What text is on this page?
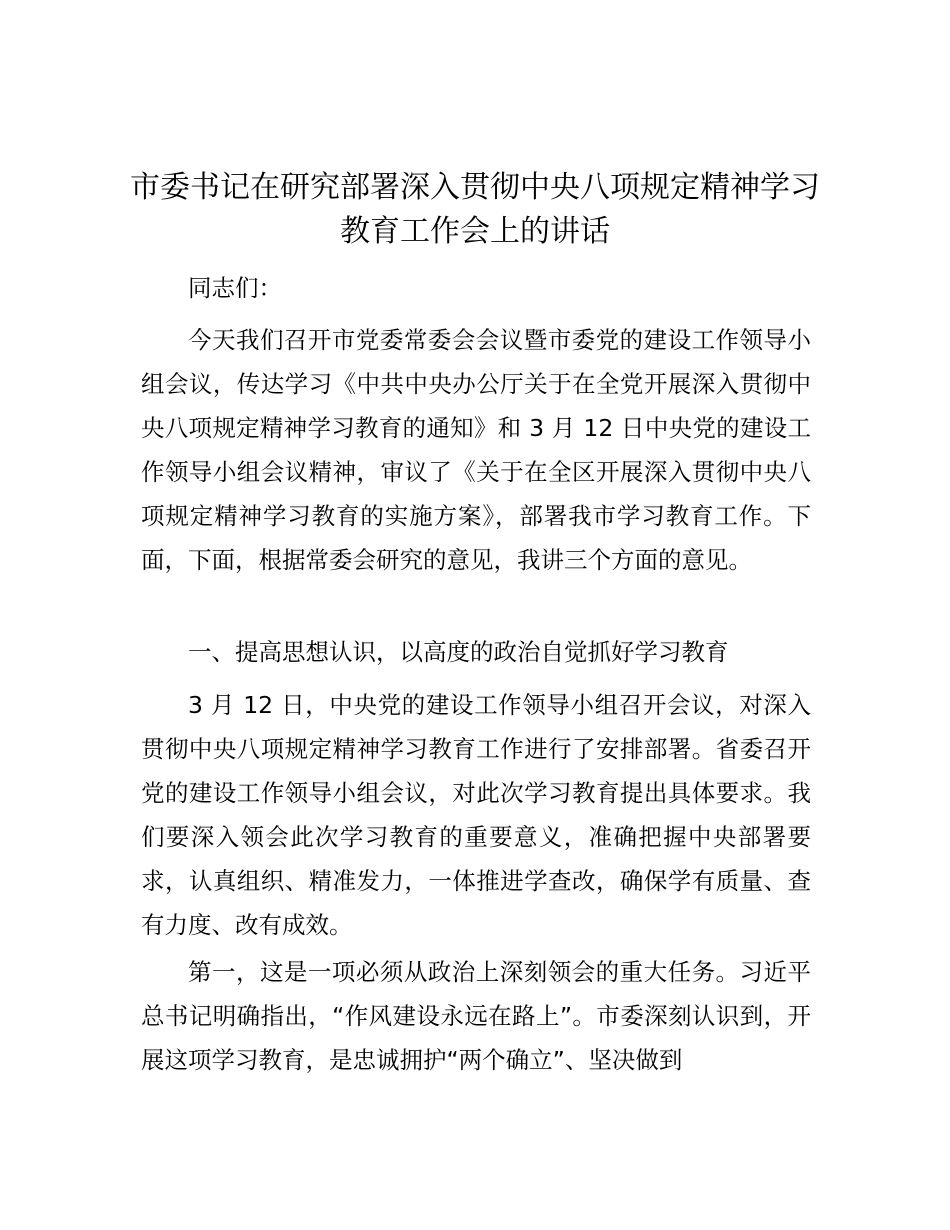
市委书记在研究部署深入贯彻中央八项规定精神学习教育工作会上的讲话

同志们：

今天我们召开市党委常委会会议暨市委党的建设工作领导小组会议，传达学习《中共中央办公厅关于在全党开展深入贯彻中央八项规定精神学习教育的通知》和 3 月 12 日中央党的建设工作领导小组会议精神，审议了《关于在全区开展深入贯彻中央八项规定精神学习教育的实施方案》，部署我市学习教育工作。下面，下面，根据常委会研究的意见，我讲三个方面的意见。

一、提高思想认识，以高度的政治自觉抓好学习教育

3 月 12 日，中央党的建设工作领导小组召开会议，对深入贯彻中央八项规定精神学习教育工作进行了安排部署。省委召开党的建设工作领导小组会议，对此次学习教育提出具体要求。我们要深入领会此次学习教育的重要意义，准确把握中央部署要求，认真组织、精准发力，一体推进学查改，确保学有质量、查有力度、改有成效。

第一，这是一项必须从政治上深刻领会的重大任务。习近平总书记明确指出，“作风建设永远在路上”。市委深刻认识到，开展这项学习教育，是忠诚拥护“两个确立”、坚决做到
